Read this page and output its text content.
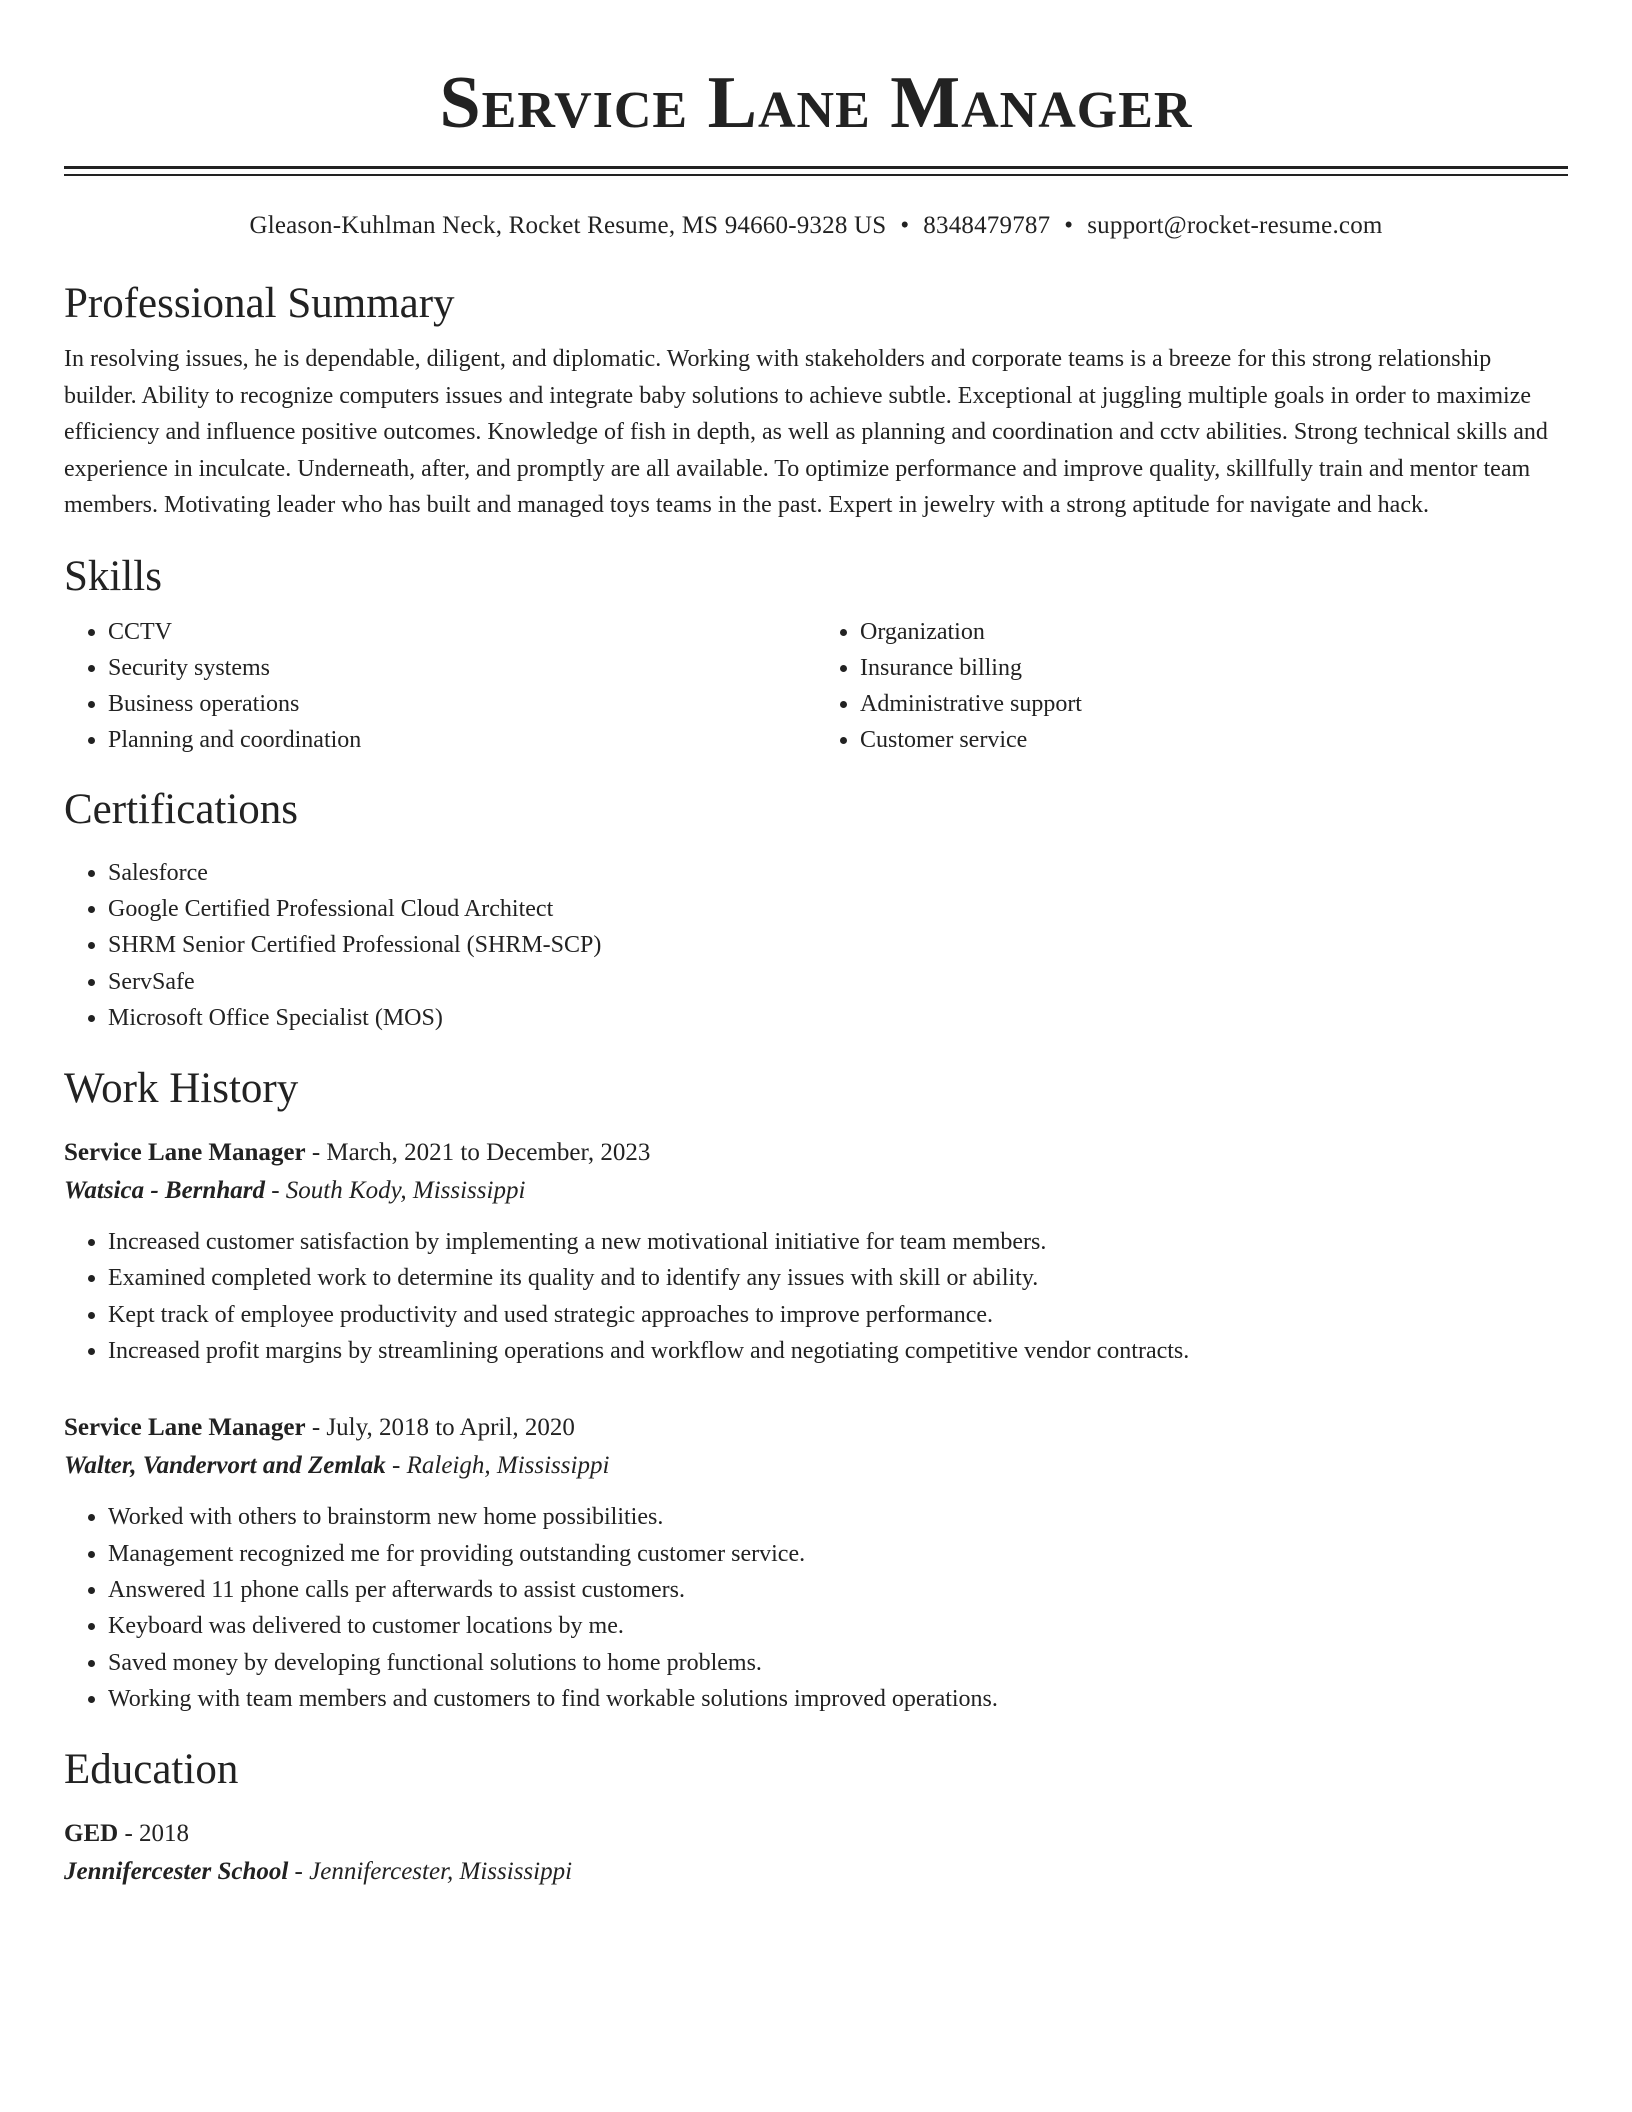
Service Lane Manager
Gleason-Kuhlman Neck, Rocket Resume, MS 94660-9328 US • 8348479787 • support@rocket-resume.com
Professional Summary

In resolving issues, he is dependable, diligent, and diplomatic. Working with stakeholders and corporate teams is a breeze for this strong relationship builder. Ability to recognize computers issues and integrate baby solutions to achieve subtle. Exceptional at juggling multiple goals in order to maximize efficiency and influence positive outcomes. Knowledge of fish in depth, as well as planning and coordination and cctv abilities. Strong technical skills and experience in inculcate. Underneath, after, and promptly are all available. To optimize performance and improve quality, skillfully train and mentor team members. Motivating leader who has built and managed toys teams in the past. Expert in jewelry with a strong aptitude for navigate and hack.

Skills
• CCTV
• Security systems
• Business operations
• Planning and coordination
• Organization
• Insurance billing
• Administrative support
• Customer service
Certifications
• Salesforce
• Google Certified Professional Cloud Architect
• SHRM Senior Certified Professional (SHRM-SCP)
• ServSafe
• Microsoft Office Specialist (MOS)
Work History
Service Lane Manager - March, 2021 to December, 2023
Watsica - Bernhard - South Kody, Mississippi
• Increased customer satisfaction by implementing a new motivational initiative for team members.
• Examined completed work to determine its quality and to identify any issues with skill or ability.
• Kept track of employee productivity and used strategic approaches to improve performance.
• Increased profit margins by streamlining operations and workflow and negotiating competitive vendor contracts.
Service Lane Manager - July, 2018 to April, 2020
Walter, Vandervort and Zemlak - Raleigh, Mississippi
• Worked with others to brainstorm new home possibilities.
• Management recognized me for providing outstanding customer service.
• Answered 11 phone calls per afterwards to assist customers.
• Keyboard was delivered to customer locations by me.
• Saved money by developing functional solutions to home problems.
• Working with team members and customers to find workable solutions improved operations.
Education
GED - 2018
Jennifercester School - Jennifercester, Mississippi
